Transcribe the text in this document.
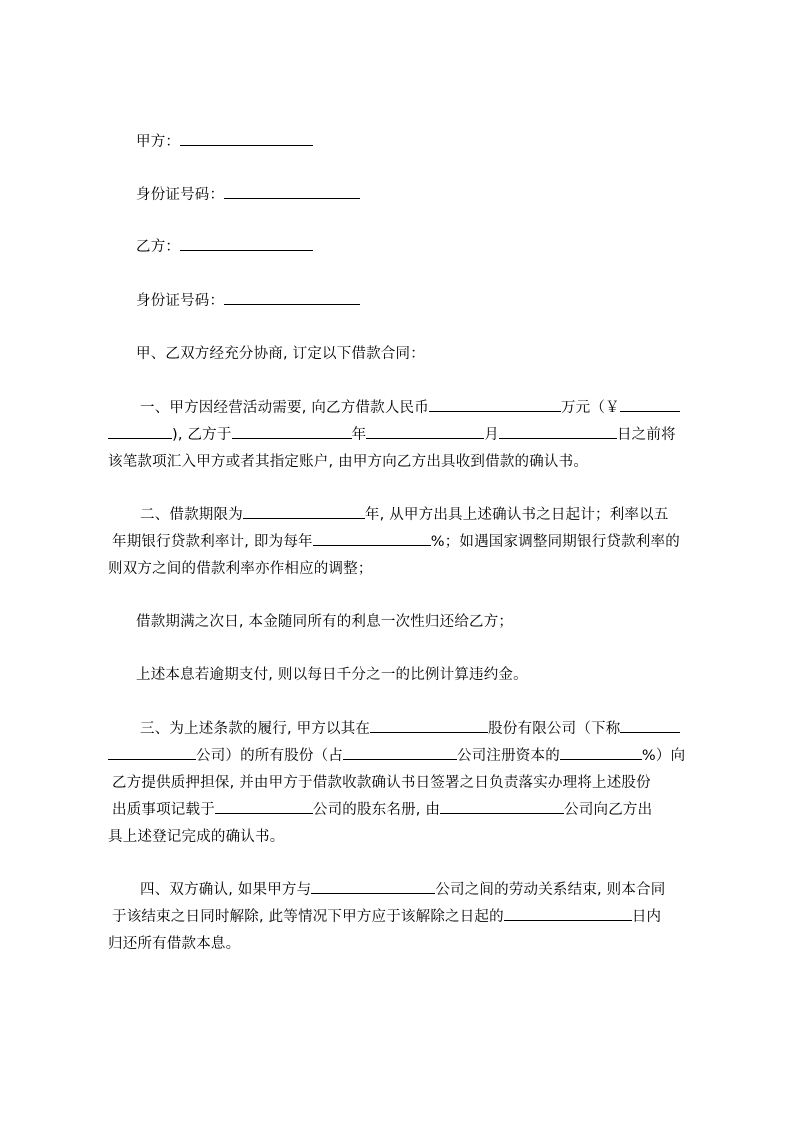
甲方：
身份证号码：
乙方：
身份证号码：
甲、乙双方经充分协商, 订定以下借款合同：
一、甲方因经营活动需要, 向乙方借款人民币	万元（￥
), 乙方于	年	月	日之前将
该笔款项汇入甲方或者其指定账户, 由甲方向乙方出具收到借款的确认书。
二、借款期限为	年, 从甲方出具上述确认书之日起计；利率以五
年期银行贷款利率计, 即为每年	%；如遇国家调整同期银行贷款利率的
则双方之间的借款利率亦作相应的调整；
借款期满之次日, 本金随同所有的利息一次性归还给乙方；
上述本息若逾期支付, 则以每日千分之一的比例计算违约金。
三、为上述条款的履行, 甲方以其在	股份有限公司（下称
公司）的所有股份（占	公司注册资本的	%）向
乙方提供质押担保, 并由甲方于借款收款确认书日签署之日负责落实办理将上述股份
出质事项记载于	公司的股东名册, 由	公司向乙方出
具上述登记完成的确认书。
四、双方确认, 如果甲方与	公司之间的劳动关系结束, 则本合同
于该结束之日同时解除, 此等情况下甲方应于该解除之日起的	日内
归还所有借款本息。
